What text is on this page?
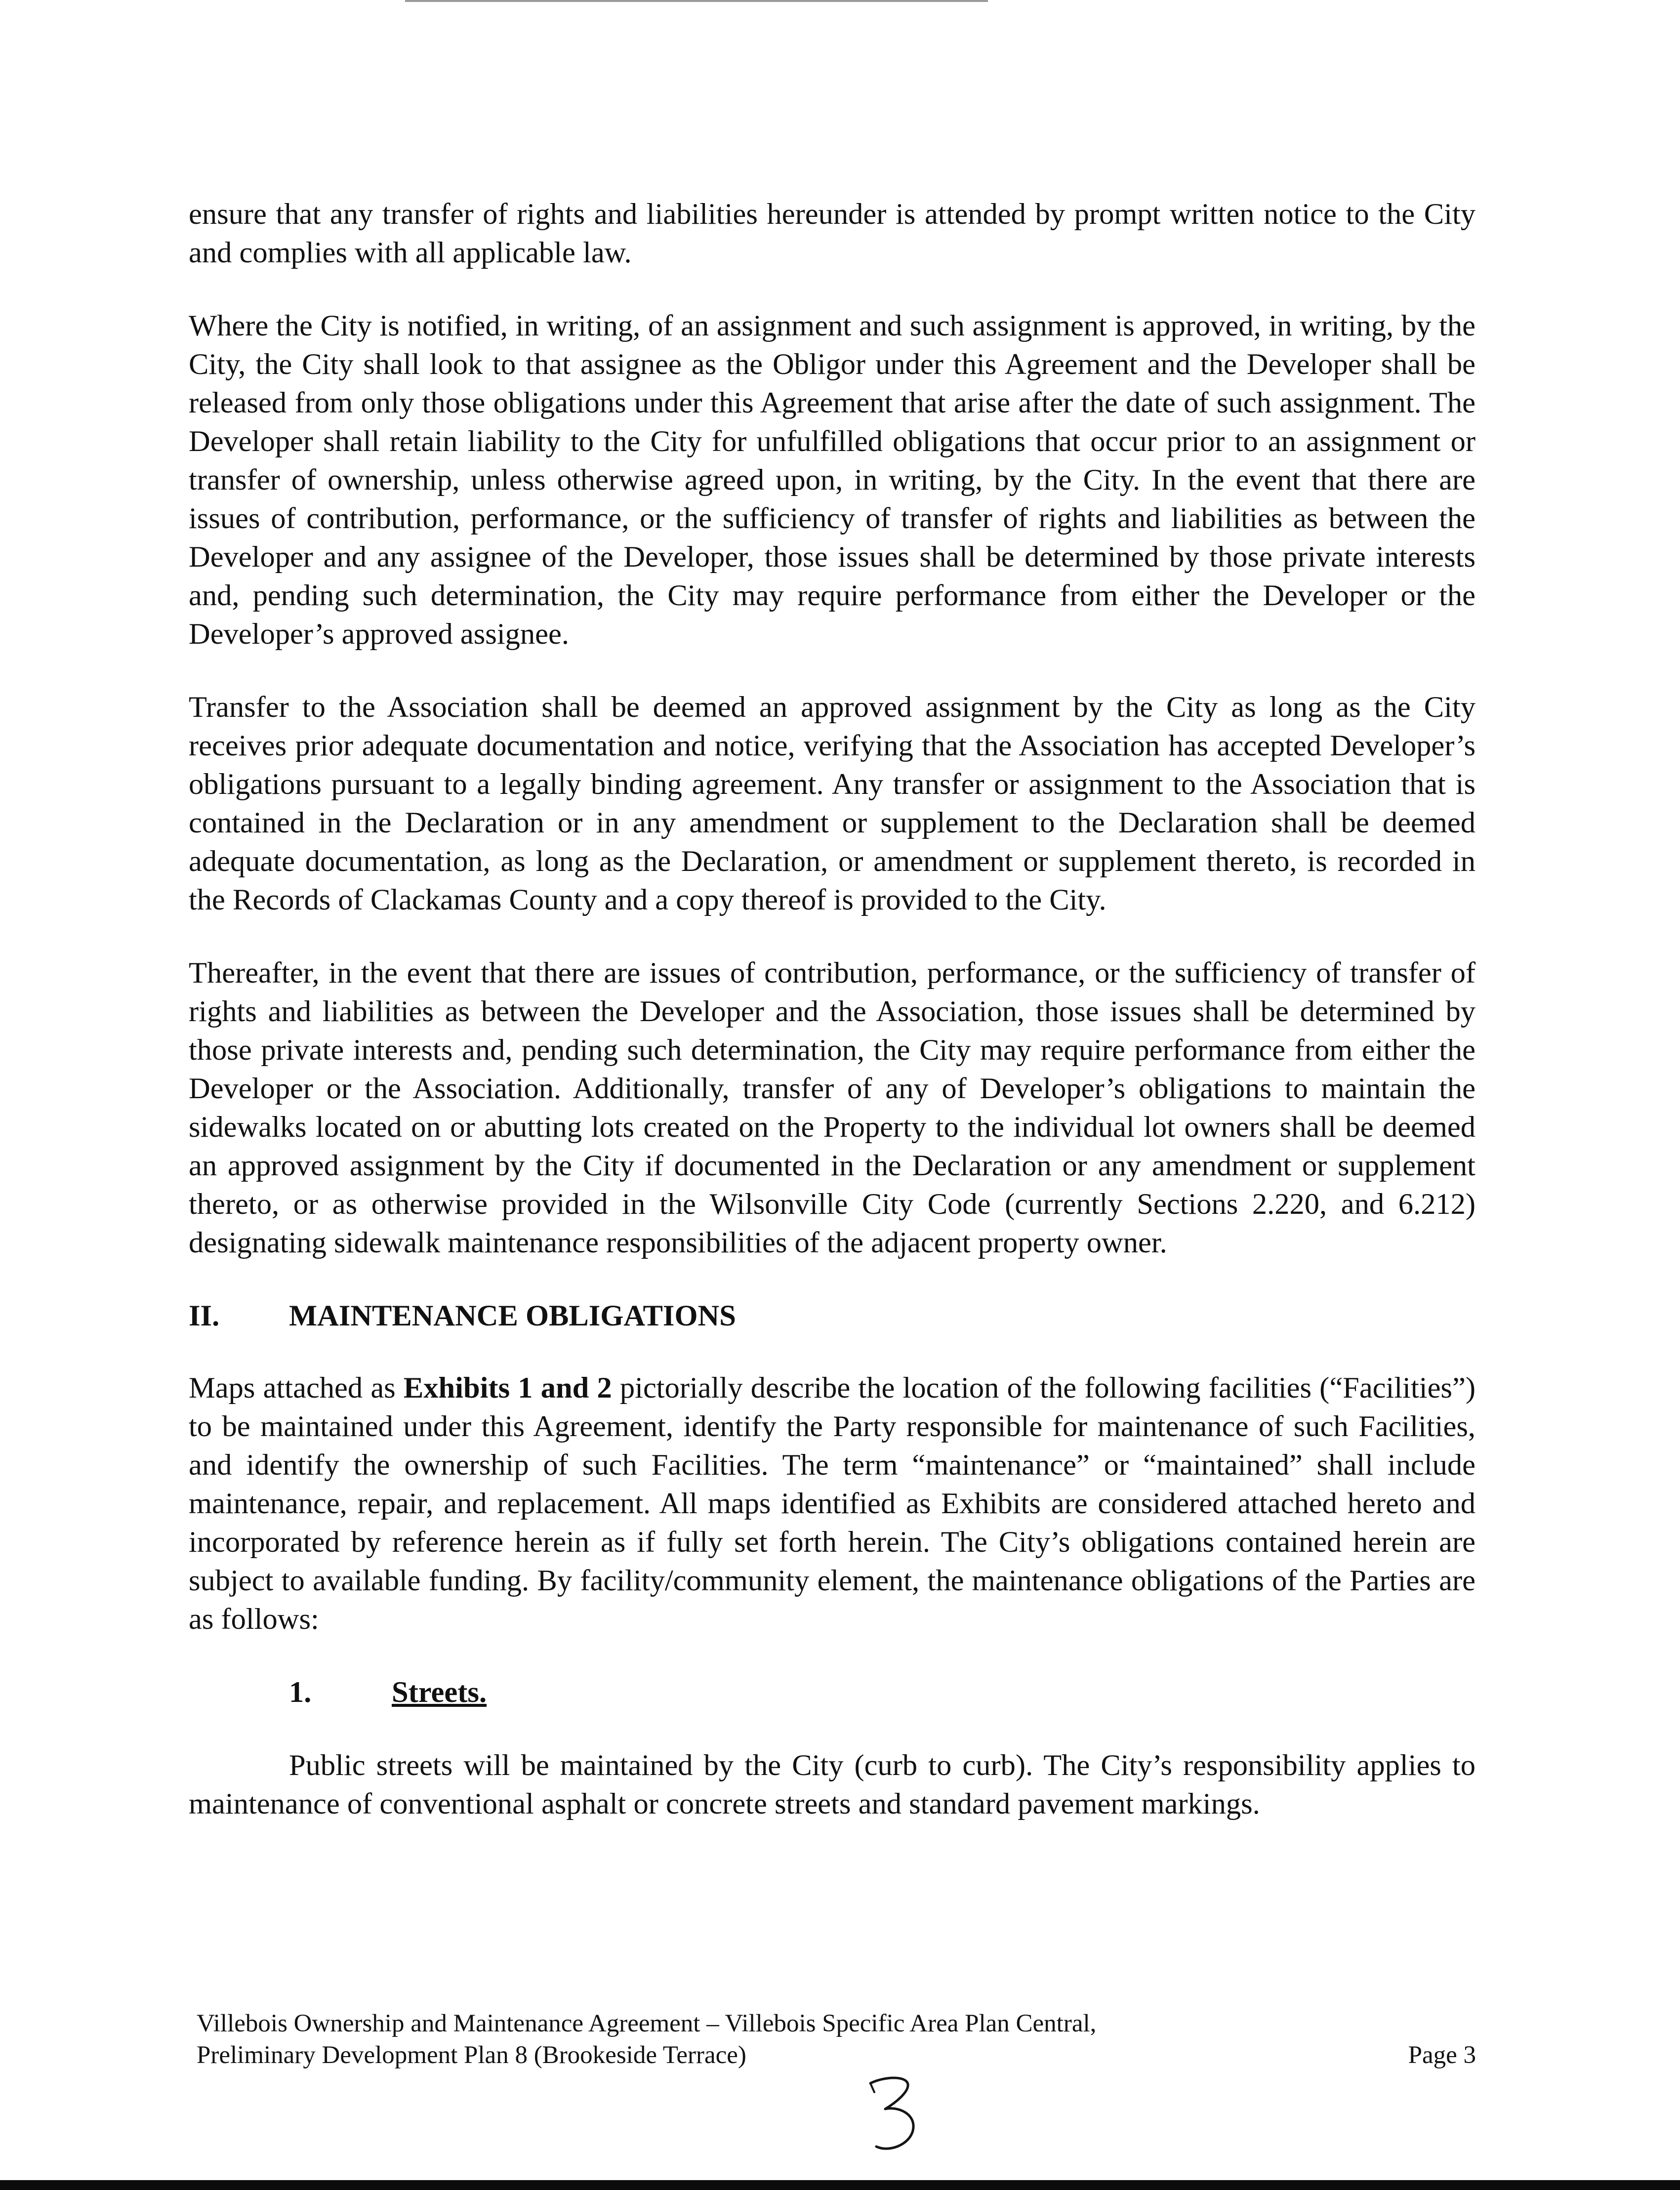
ensure that any transfer of rights and liabilities hereunder is attended by prompt written notice to the City and complies with all applicable law.

Where the City is notified, in writing, of an assignment and such assignment is approved, in writing, by the City, the City shall look to that assignee as the Obligor under this Agreement and the Developer shall be released from only those obligations under this Agreement that arise after the date of such assignment. The Developer shall retain liability to the City for unfulfilled obligations that occur prior to an assignment or transfer of ownership, unless otherwise agreed upon, in writing, by the City. In the event that there are issues of contribution, performance, or the sufficiency of transfer of rights and liabilities as between the Developer and any assignee of the Developer, those issues shall be determined by those private interests and, pending such determination, the City may require performance from either the Developer or the Developer’s approved assignee.

Transfer to the Association shall be deemed an approved assignment by the City as long as the City receives prior adequate documentation and notice, verifying that the Association has accepted Developer’s obligations pursuant to a legally binding agreement. Any transfer or assignment to the Association that is contained in the Declaration or in any amendment or supplement to the Declaration shall be deemed adequate documentation, as long as the Declaration, or amendment or supplement thereto, is recorded in the Records of Clackamas County and a copy thereof is provided to the City.

Thereafter, in the event that there are issues of contribution, performance, or the sufficiency of transfer of rights and liabilities as between the Developer and the Association, those issues shall be determined by those private interests and, pending such determination, the City may require performance from either the Developer or the Association. Additionally, transfer of any of Developer’s obligations to maintain the sidewalks located on or abutting lots created on the Property to the individual lot owners shall be deemed an approved assignment by the City if documented in the Declaration or any amendment or supplement thereto, or as otherwise provided in the Wilsonville City Code (currently Sections 2.220, and 6.212) designating sidewalk maintenance responsibilities of the adjacent property owner.

II.	MAINTENANCE OBLIGATIONS

Maps attached as Exhibits 1 and 2 pictorially describe the location of the following facilities (“Facilities”) to be maintained under this Agreement, identify the Party responsible for maintenance of such Facilities, and identify the ownership of such Facilities. The term “maintenance” or “maintained” shall include maintenance, repair, and replacement. All maps identified as Exhibits are considered attached hereto and incorporated by reference herein as if fully set forth herein. The City’s obligations contained herein are subject to available funding. By facility/community element, the maintenance obligations of the Parties are as follows:

1.	Streets.

Public streets will be maintained by the City (curb to curb). The City’s responsibility applies to maintenance of conventional asphalt or concrete streets and standard pavement markings.

Villebois Ownership and Maintenance Agreement – Villebois Specific Area Plan Central,
Preliminary Development Plan 8 (Brookeside Terrace)	Page 3
